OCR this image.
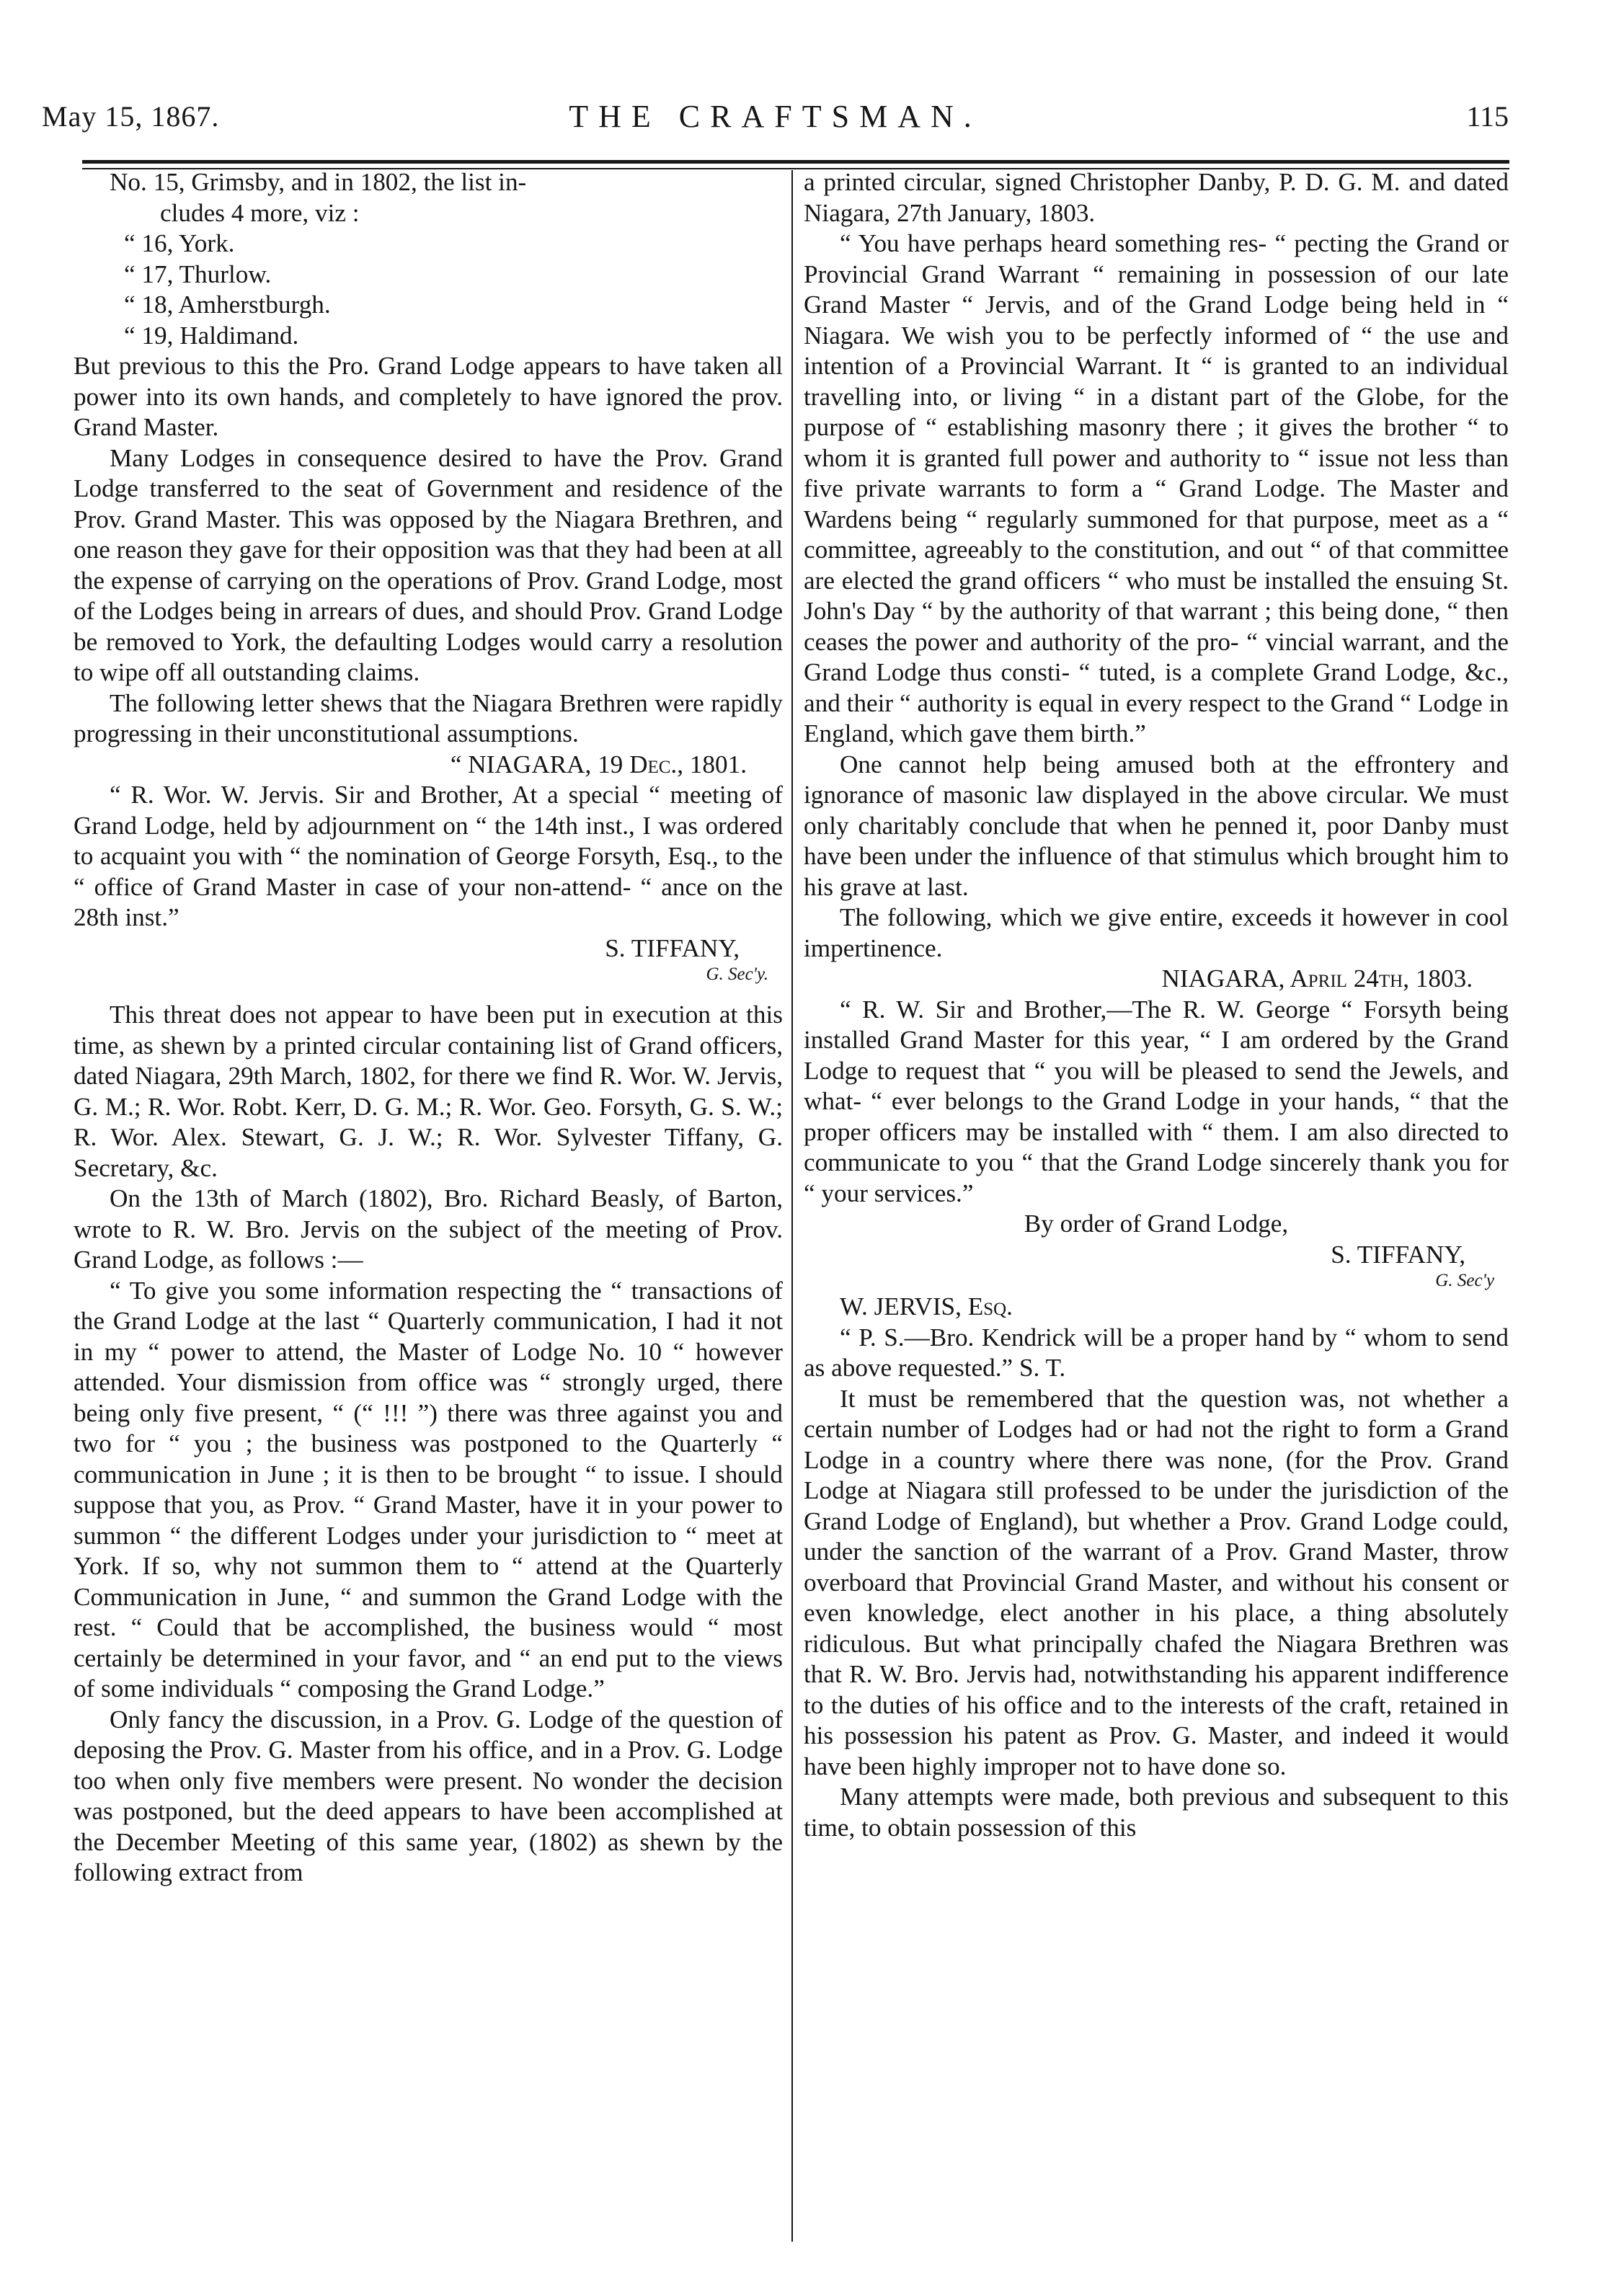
May 15, 1867.	THE CRAFTSMAN.	115

No. 15, Grimsby, and in 1802, the list in-

cludes 4 more, viz :

“ 16, York.

“ 17, Thurlow.

“ 18, Amherstburgh.

“ 19, Haldimand.

But previous to this the Pro. Grand Lodge appears to have taken all power into its own hands, and completely to have ignored the prov. Grand Master.

Many Lodges in consequence desired to have the Prov. Grand Lodge transferred to the seat of Government and residence of the Prov. Grand Master. This was opposed by the Niagara Brethren, and one reason they gave for their opposition was that they had been at all the expense of carrying on the operations of Prov. Grand Lodge, most of the Lodges being in arrears of dues, and should Prov. Grand Lodge be removed to York, the defaulting Lodges would carry a resolution to wipe off all outstanding claims.

The following letter shews that the Niagara Brethren were rapidly progressing in their unconstitutional assumptions.

“ NIAGARA, 19 Dec., 1801.

“ R. Wor. W. Jervis. Sir and Brother, At a special “ meeting of Grand Lodge, held by adjournment on “ the 14th inst., I was ordered to acquaint you with “ the nomination of George Forsyth, Esq., to the “ office of Grand Master in case of your non-attend- “ ance on the 28th inst.”

S. TIFFANY,

G. Sec'y.

This threat does not appear to have been put in execution at this time, as shewn by a printed circular containing list of Grand officers, dated Niagara, 29th March, 1802, for there we find R. Wor. W. Jervis, G. M.; R. Wor. Robt. Kerr, D. G. M.; R. Wor. Geo. Forsyth, G. S. W.; R. Wor. Alex. Stewart, G. J. W.; R. Wor. Sylvester Tiffany, G. Secretary, &c.

On the 13th of March (1802), Bro. Richard Beasly, of Barton, wrote to R. W. Bro. Jervis on the subject of the meeting of Prov. Grand Lodge, as follows :—

“ To give you some information respecting the “ transactions of the Grand Lodge at the last “ Quarterly communication, I had it not in my “ power to attend, the Master of Lodge No. 10 “ however attended. Your dismission from office was “ strongly urged, there being only five present, “ (“ !!! ”) there was three against you and two for “ you ; the business was postponed to the Quarterly “ communication in June ; it is then to be brought “ to issue. I should suppose that you, as Prov. “ Grand Master, have it in your power to summon “ the different Lodges under your jurisdiction to “ meet at York. If so, why not summon them to “ attend at the Quarterly Communication in June, “ and summon the Grand Lodge with the rest. “ Could that be accomplished, the business would “ most certainly be determined in your favor, and “ an end put to the views of some individuals “ composing the Grand Lodge.”

Only fancy the discussion, in a Prov. G. Lodge of the question of deposing the Prov. G. Master from his office, and in a Prov. G. Lodge too when only five members were present. No wonder the decision was postponed, but the deed appears to have been accomplished at the December Meeting of this same year, (1802) as shewn by the following extract from

a printed circular, signed Christopher Danby, P. D. G. M. and dated Niagara, 27th January, 1803.

“ You have perhaps heard something res- “ pecting the Grand or Provincial Grand Warrant “ remaining in possession of our late Grand Master “ Jervis, and of the Grand Lodge being held in “ Niagara. We wish you to be perfectly informed of “ the use and intention of a Provincial Warrant. It “ is granted to an individual travelling into, or living “ in a distant part of the Globe, for the purpose of “ establishing masonry there ; it gives the brother “ to whom it is granted full power and authority to “ issue not less than five private warrants to form a “ Grand Lodge. The Master and Wardens being “ regularly summoned for that purpose, meet as a “ committee, agreeably to the constitution, and out “ of that committee are elected the grand officers “ who must be installed the ensuing St. John's Day “ by the authority of that warrant ; this being done, “ then ceases the power and authority of the pro- “ vincial warrant, and the Grand Lodge thus consti- “ tuted, is a complete Grand Lodge, &c., and their “ authority is equal in every respect to the Grand “ Lodge in England, which gave them birth.”

One cannot help being amused both at the effrontery and ignorance of masonic law displayed in the above circular. We must only charitably conclude that when he penned it, poor Danby must have been under the influence of that stimulus which brought him to his grave at last.

The following, which we give entire, exceeds it however in cool impertinence.

NIAGARA, April 24th, 1803.

“ R. W. Sir and Brother,—The R. W. George “ Forsyth being installed Grand Master for this year, “ I am ordered by the Grand Lodge to request that “ you will be pleased to send the Jewels, and what- “ ever belongs to the Grand Lodge in your hands, “ that the proper officers may be installed with “ them. I am also directed to communicate to you “ that the Grand Lodge sincerely thank you for “ your services.”

By order of Grand Lodge,

S. TIFFANY,

G. Sec'y

W. JERVIS, Esq.

“ P. S.—Bro. Kendrick will be a proper hand by “ whom to send as above requested.” S. T.

It must be remembered that the question was, not whether a certain number of Lodges had or had not the right to form a Grand Lodge in a country where there was none, (for the Prov. Grand Lodge at Niagara still professed to be under the jurisdiction of the Grand Lodge of England), but whether a Prov. Grand Lodge could, under the sanction of the warrant of a Prov. Grand Master, throw overboard that Provincial Grand Master, and without his consent or even knowledge, elect another in his place, a thing absolutely ridiculous. But what principally chafed the Niagara Brethren was that R. W. Bro. Jervis had, notwithstanding his apparent indifference to the duties of his office and to the interests of the craft, retained in his possession his patent as Prov. G. Master, and indeed it would have been highly improper not to have done so.

Many attempts were made, both previous and subsequent to this time, to obtain possession of this
